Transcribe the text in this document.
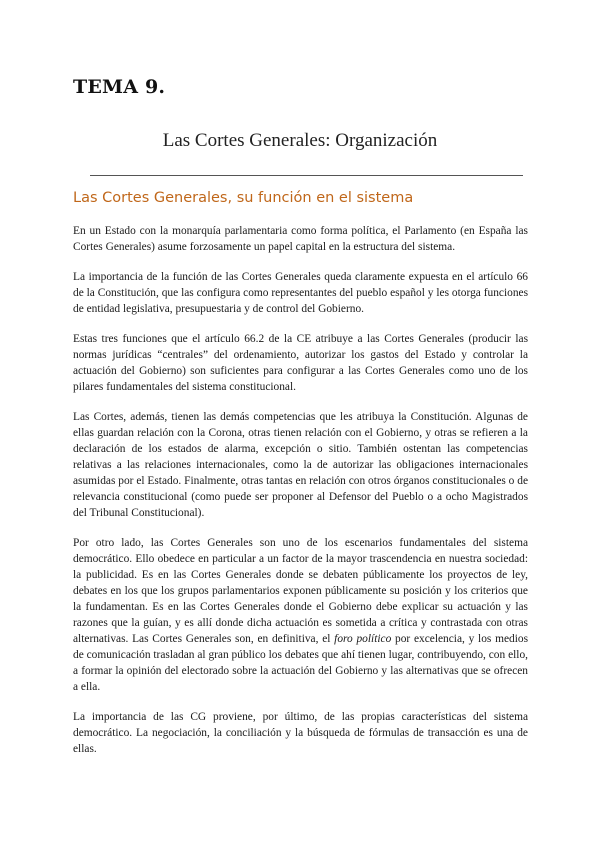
TEMA 9.
Las Cortes Generales: Organización
Las Cortes Generales, su función en el sistema

En un Estado con la monarquía parlamentaria como forma política, el Parlamento (en España las Cortes Generales) asume forzosamente un papel capital en la estructura del sistema.

La importancia de la función de las Cortes Generales queda claramente expuesta en el artículo 66 de la Constitución, que las configura como representantes del pueblo español y les otorga funciones de entidad legislativa, presupuestaria y de control del Gobierno.

Estas tres funciones que el artículo 66.2 de la CE atribuye a las Cortes Generales (producir las normas jurídicas “centrales” del ordenamiento, autorizar los gastos del Estado y controlar la actuación del Gobierno) son suficientes para configurar a las Cortes Generales como uno de los pilares fundamentales del sistema constitucional.

Las Cortes, además, tienen las demás competencias que les atribuya la Constitución. Algunas de ellas guardan relación con la Corona, otras tienen relación con el Gobierno, y otras se refieren a la declaración de los estados de alarma, excepción o sitio. También ostentan las competencias relativas a las relaciones internacionales, como la de autorizar las obligaciones internacionales asumidas por el Estado. Finalmente, otras tantas en relación con otros órganos constitucionales o de relevancia constitucional (como puede ser proponer al Defensor del Pueblo o a ocho Magistrados del Tribunal Constitucional).

Por otro lado, las Cortes Generales son uno de los escenarios fundamentales del sistema democrático. Ello obedece en particular a un factor de la mayor trascendencia en nuestra sociedad: la publicidad. Es en las Cortes Generales donde se debaten públicamente los proyectos de ley, debates en los que los grupos parlamentarios exponen públicamente su posición y los criterios que la fundamentan. Es en las Cortes Generales donde el Gobierno debe explicar su actuación y las razones que la guían, y es allí donde dicha actuación es sometida a crítica y contrastada con otras alternativas. Las Cortes Generales son, en definitiva, el foro político por excelencia, y los medios de comunicación trasladan al gran público los debates que ahí tienen lugar, contribuyendo, con ello, a formar la opinión del electorado sobre la actuación del Gobierno y las alternativas que se ofrecen a ella.

La importancia de las CG proviene, por último, de las propias características del sistema democrático. La negociación, la conciliación y la búsqueda de fórmulas de transacción es una de ellas.
